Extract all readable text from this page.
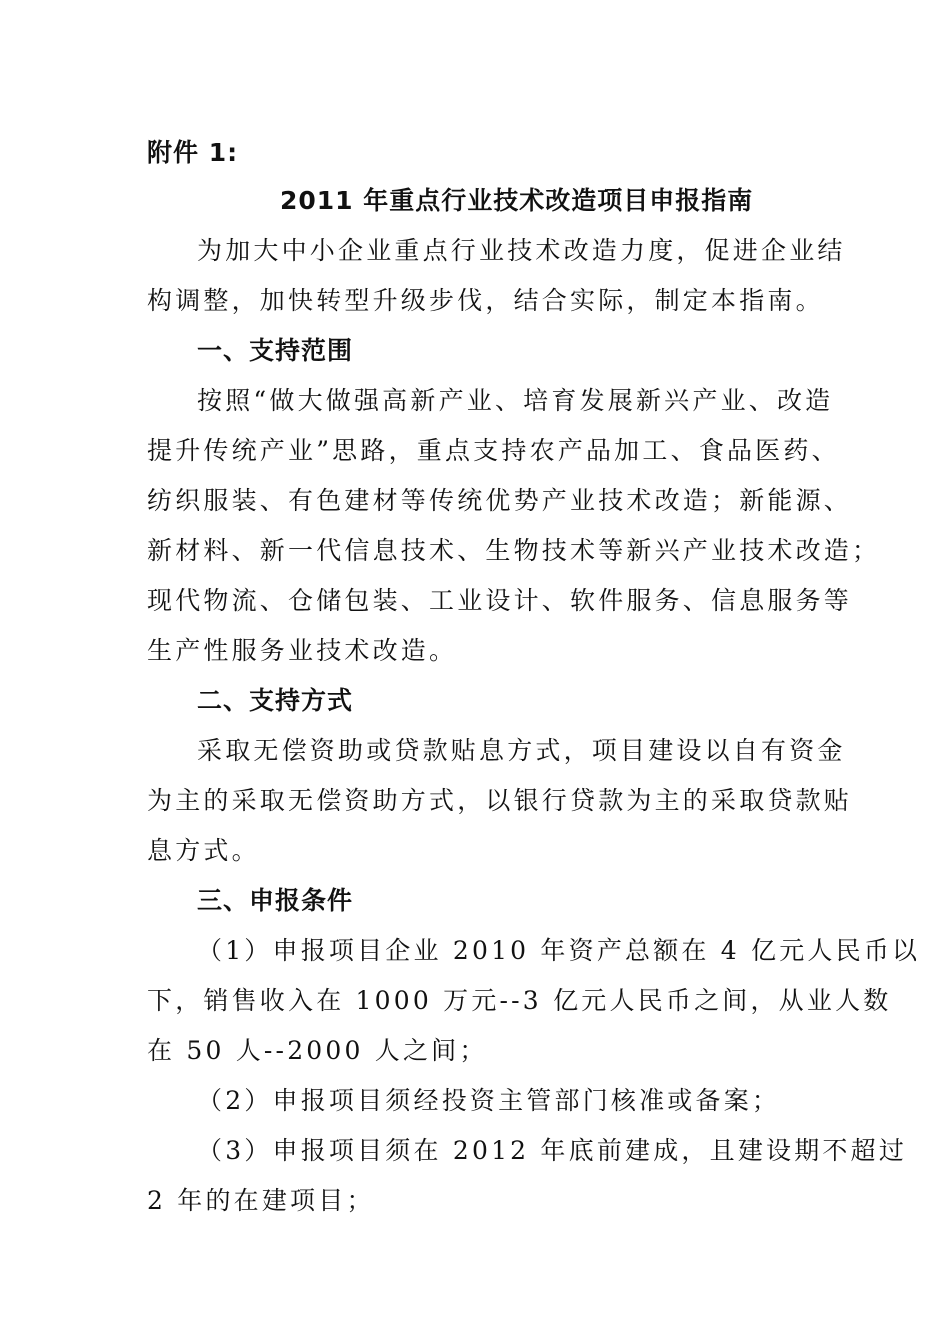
附件 1:
2011 年重点行业技术改造项目申报指南
为加大中小企业重点行业技术改造力度，促进企业结
构调整，加快转型升级步伐，结合实际，制定本指南。
一、支持范围
按照“做大做强高新产业、培育发展新兴产业、改造
提升传统产业”思路，重点支持农产品加工、食品医药、
纺织服装、有色建材等传统优势产业技术改造；新能源、
新材料、新一代信息技术、生物技术等新兴产业技术改造；
现代物流、仓储包装、工业设计、软件服务、信息服务等
生产性服务业技术改造。
二、支持方式
采取无偿资助或贷款贴息方式，项目建设以自有资金
为主的采取无偿资助方式，以银行贷款为主的采取贷款贴
息方式。
三、申报条件
（1）申报项目企业 2010 年资产总额在 4 亿元人民币以
下，销售收入在 1000 万元--3 亿元人民币之间，从业人数
在 50 人--2000 人之间；
（2）申报项目须经投资主管部门核准或备案；
（3）申报项目须在 2012 年底前建成，且建设期不超过
2 年的在建项目；
